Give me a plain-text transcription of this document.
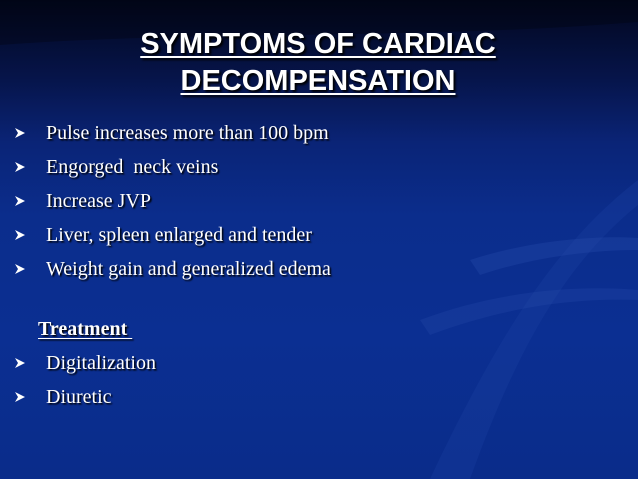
SYMPTOMS OF CARDIAC
DECOMPENSATION
Pulse increases more than 100 bpm
Engorged  neck veins
Increase JVP
Liver, spleen enlarged and tender
Weight gain and generalized edema
Treatment
Digitalization
Diuretic
